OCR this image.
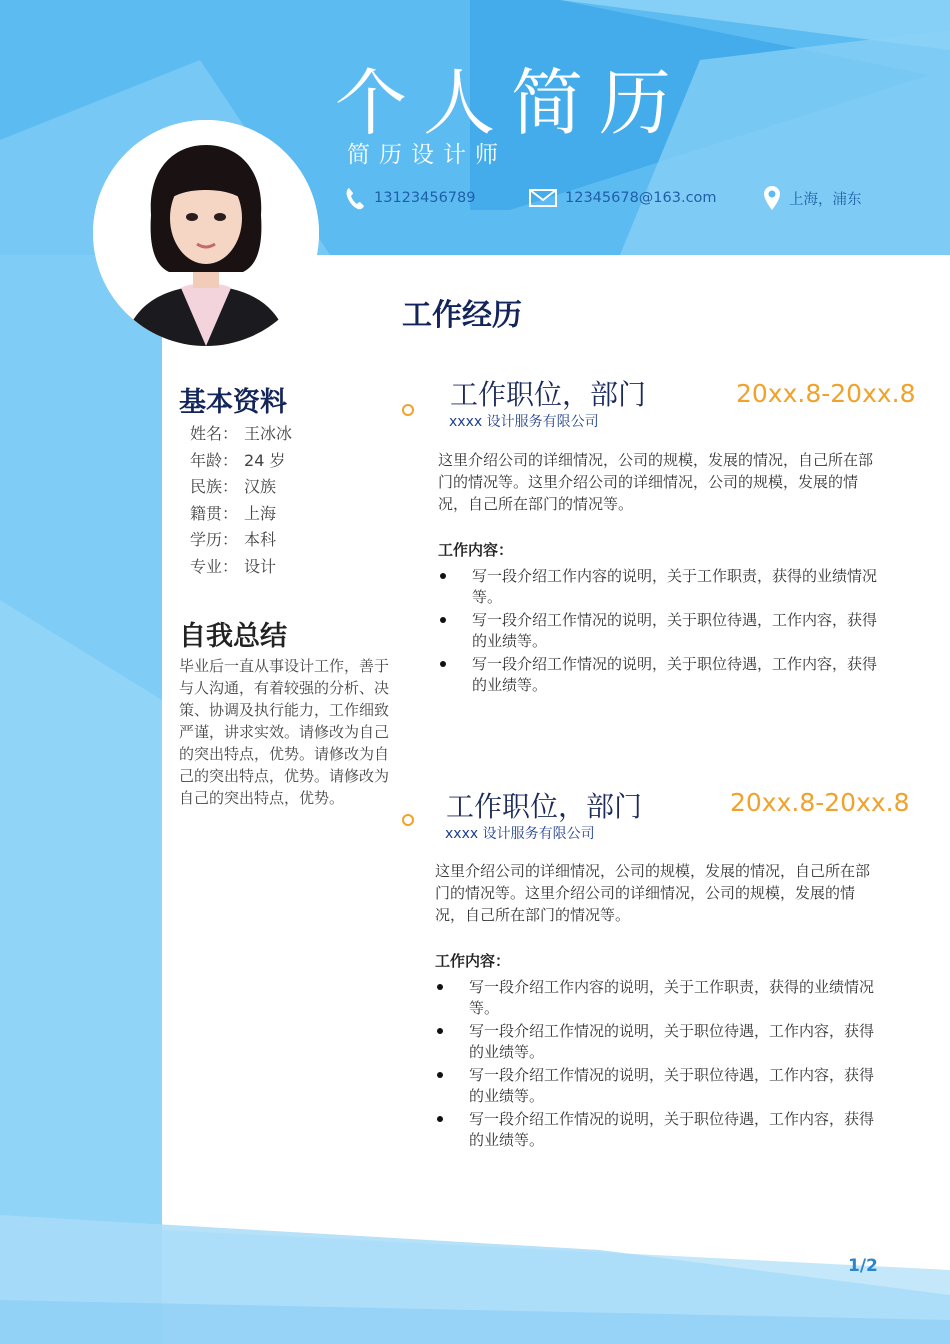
个人简历
简历设计师
13123456789	12345678@163.com	上海，浦东
工作经历
基本资料
姓名： 王冰冰
年龄： 24 岁
民族： 汉族
籍贯： 上海
学历： 本科
专业： 设计
自我总结
毕业后一直从事设计工作，善于与人沟通，有着较强的分析、决策、协调及执行能力，工作细致严谨，讲求实效。请修改为自己的突出特点，优势。请修改为自己的突出特点，优势。请修改为自己的突出特点，优势。
工作职位，部门	20xx.8-20xx.8
xxxx 设计服务有限公司
这里介绍公司的详细情况，公司的规模，发展的情况，自己所在部门的情况等。这里介绍公司的详细情况，公司的规模，发展的情况，自己所在部门的情况等。
工作内容：
写一段介绍工作内容的说明，关于工作职责，获得的业绩情况等。
写一段介绍工作情况的说明，关于职位待遇，工作内容，获得的业绩等。
写一段介绍工作情况的说明，关于职位待遇，工作内容，获得的业绩等。
工作职位，部门	20xx.8-20xx.8
xxxx 设计服务有限公司
这里介绍公司的详细情况，公司的规模，发展的情况，自己所在部门的情况等。这里介绍公司的详细情况，公司的规模，发展的情况，自己所在部门的情况等。
工作内容：
写一段介绍工作内容的说明，关于工作职责，获得的业绩情况等。
写一段介绍工作情况的说明，关于职位待遇，工作内容，获得的业绩等。
写一段介绍工作情况的说明，关于职位待遇，工作内容，获得的业绩等。
写一段介绍工作情况的说明，关于职位待遇，工作内容，获得的业绩等。
1/2
